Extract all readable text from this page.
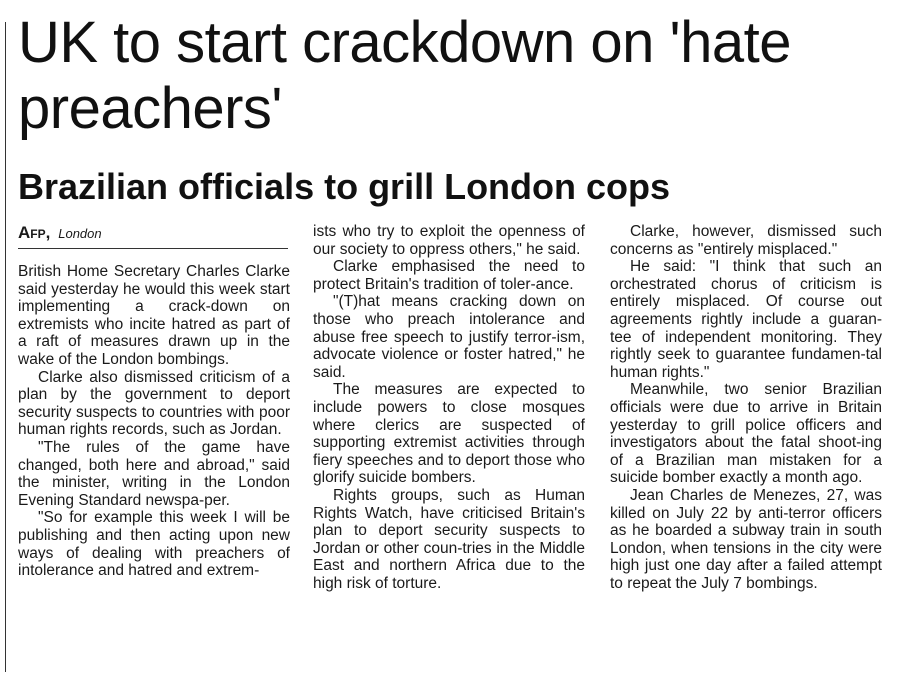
UK to start crackdown on 'hate preachers'
Brazilian officials to grill London cops
Afp, London

British Home Secretary Charles Clarke said yesterday he would this week start implementing a crack-down on extremists who incite hatred as part of a raft of measures drawn up in the wake of the London bombings.

Clarke also dismissed criticism of a plan by the government to deport security suspects to countries with poor human rights records, such as Jordan.

"The rules of the game have changed, both here and abroad," said the minister, writing in the London Evening Standard newspa-per.

"So for example this week I will be publishing and then acting upon new ways of dealing with preachers of intolerance and hatred and extrem-

ists who try to exploit the openness of our society to oppress others," he said.

Clarke emphasised the need to protect Britain's tradition of toler-ance.

"(T)hat means cracking down on those who preach intolerance and abuse free speech to justify terror-ism, advocate violence or foster hatred," he said.

The measures are expected to include powers to close mosques where clerics are suspected of supporting extremist activities through fiery speeches and to deport those who glorify suicide bombers.

Rights groups, such as Human Rights Watch, have criticised Britain's plan to deport security suspects to Jordan or other coun-tries in the Middle East and northern Africa due to the high risk of torture.

Clarke, however, dismissed such concerns as "entirely misplaced."

He said: "I think that such an orchestrated chorus of criticism is entirely misplaced. Of course out agreements rightly include a guaran-tee of independent monitoring. They rightly seek to guarantee fundamen-tal human rights."

Meanwhile, two senior Brazilian officials were due to arrive in Britain yesterday to grill police officers and investigators about the fatal shoot-ing of a Brazilian man mistaken for a suicide bomber exactly a month ago.

Jean Charles de Menezes, 27, was killed on July 22 by anti-terror officers as he boarded a subway train in south London, when tensions in the city were high just one day after a failed attempt to repeat the July 7 bombings.
